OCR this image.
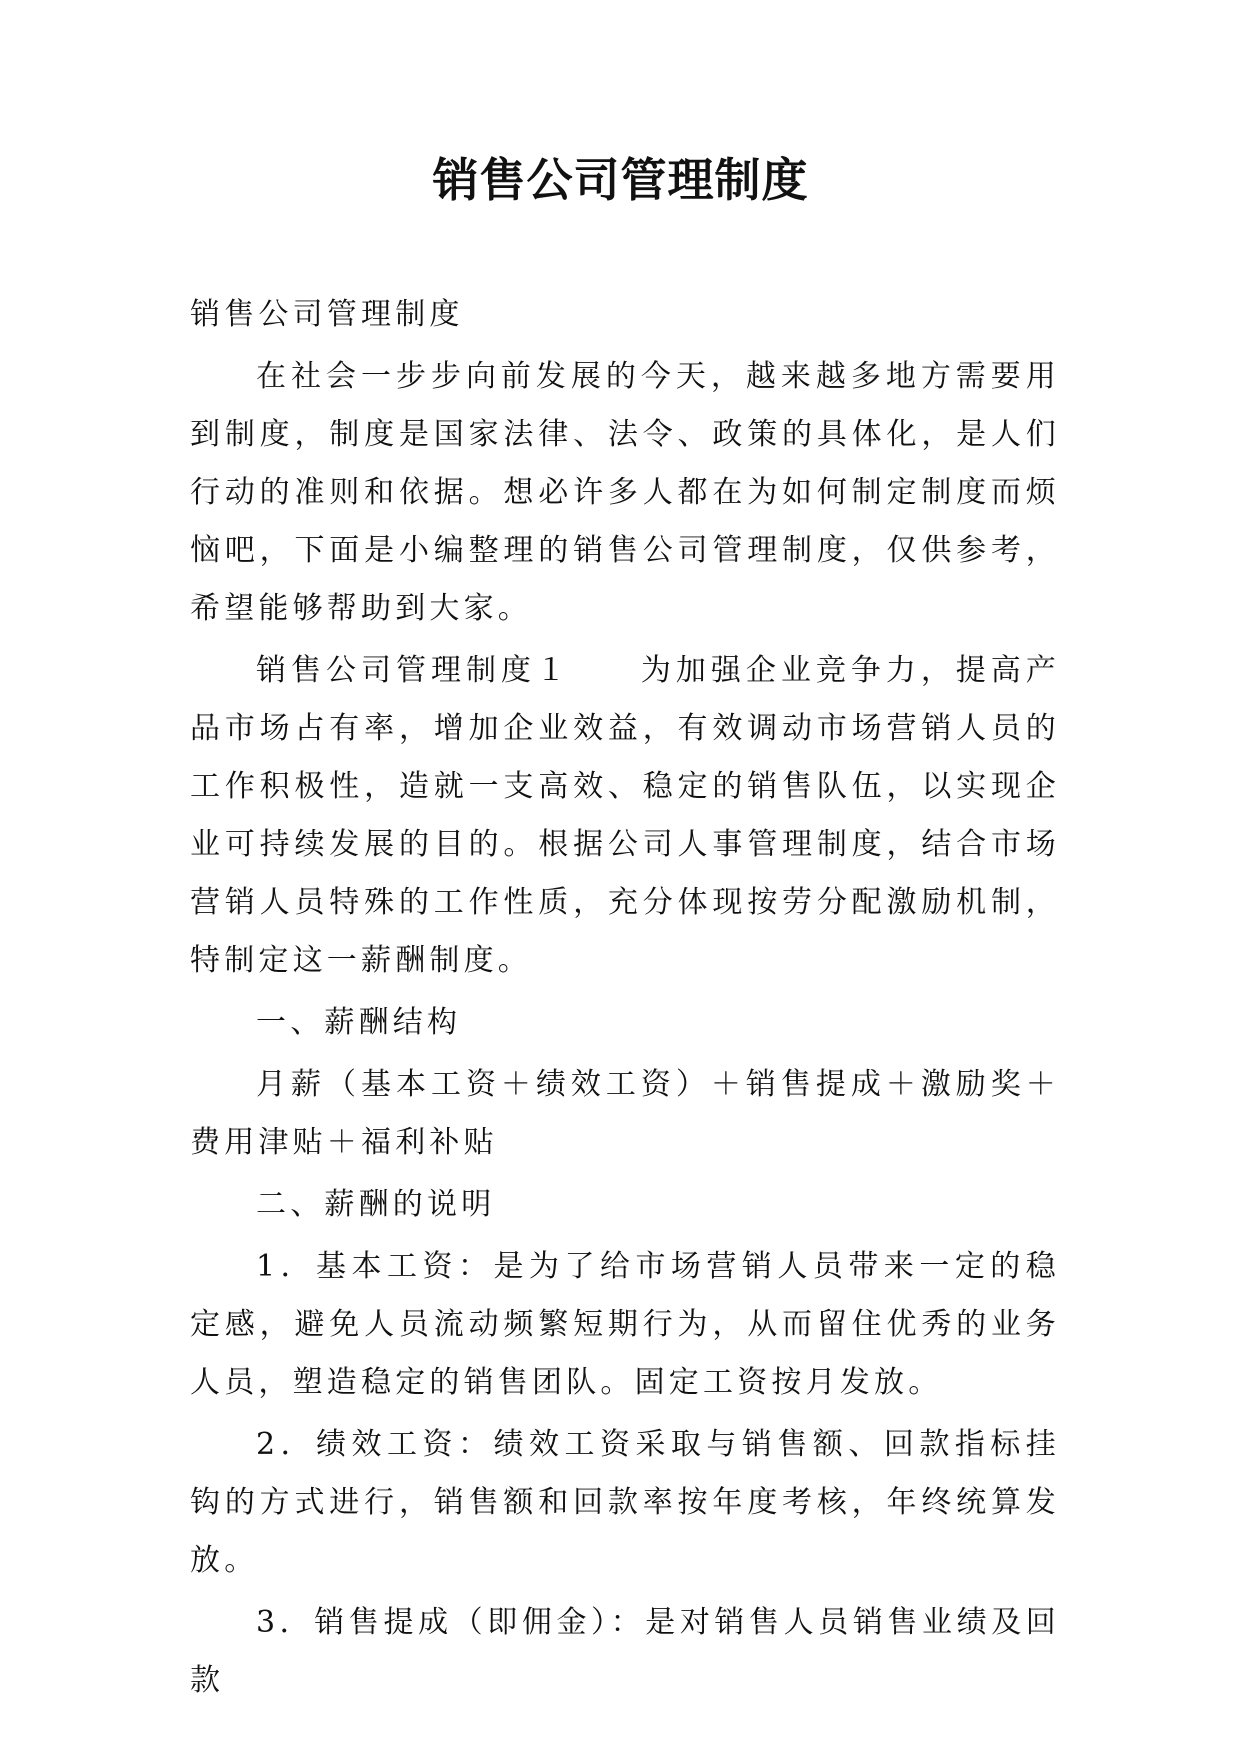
销售公司管理制度

销售公司管理制度

在社会一步步向前发展的今天，越来越多地方需要用到制度，制度是国家法律、法令、政策的具体化，是人们行动的准则和依据。想必许多人都在为如何制定制度而烦恼吧，下面是小编整理的销售公司管理制度，仅供参考，希望能够帮助到大家。

销售公司管理制度１　　为加强企业竞争力，提高产品市场占有率，增加企业效益，有效调动市场营销人员的工作积极性，造就一支高效、稳定的销售队伍，以实现企业可持续发展的目的。根据公司人事管理制度，结合市场营销人员特殊的工作性质，充分体现按劳分配激励机制，特制定这一薪酬制度。

一、薪酬结构

月薪（基本工资＋绩效工资）＋销售提成＋激励奖＋费用津贴＋福利补贴

二、薪酬的说明

1．基本工资：是为了给市场营销人员带来一定的稳定感，避免人员流动频繁短期行为，从而留住优秀的业务人员，塑造稳定的销售团队。固定工资按月发放。

2．绩效工资：绩效工资采取与销售额、回款指标挂钩的方式进行，销售额和回款率按年度考核，年终统算发放。

3．销售提成（即佣金）：是对销售人员销售业绩及回款
